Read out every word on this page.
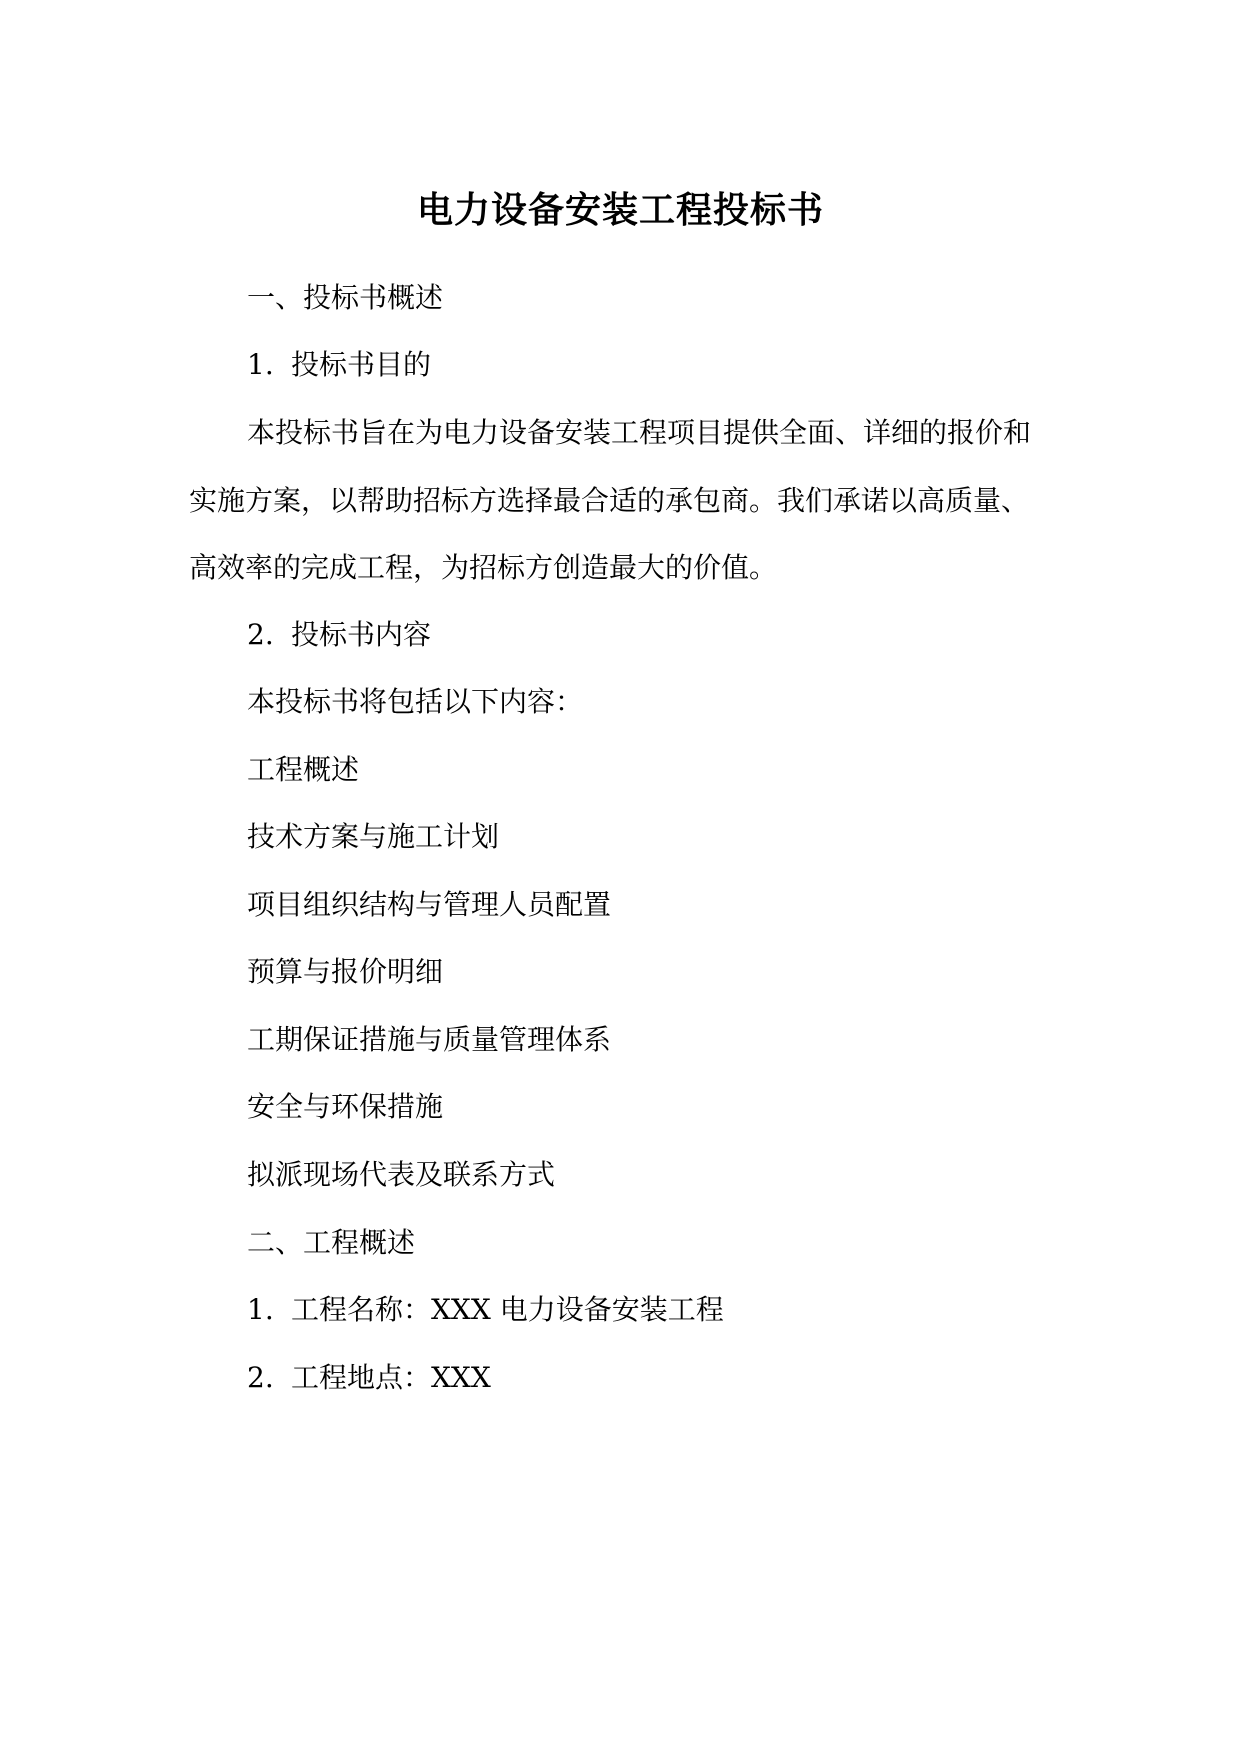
电力设备安装工程投标书
一、投标书概述
1. 投标书目的
本投标书旨在为电力设备安装工程项目提供全面、详细的报价和
实施方案，以帮助招标方选择最合适的承包商。我们承诺以高质量、
高效率的完成工程，为招标方创造最大的价值。
2. 投标书内容
本投标书将包括以下内容：
工程概述
技术方案与施工计划
项目组织结构与管理人员配置
预算与报价明细
工期保证措施与质量管理体系
安全与环保措施
拟派现场代表及联系方式
二、工程概述
1. 工程名称：XXX 电力设备安装工程
2. 工程地点：XXX
